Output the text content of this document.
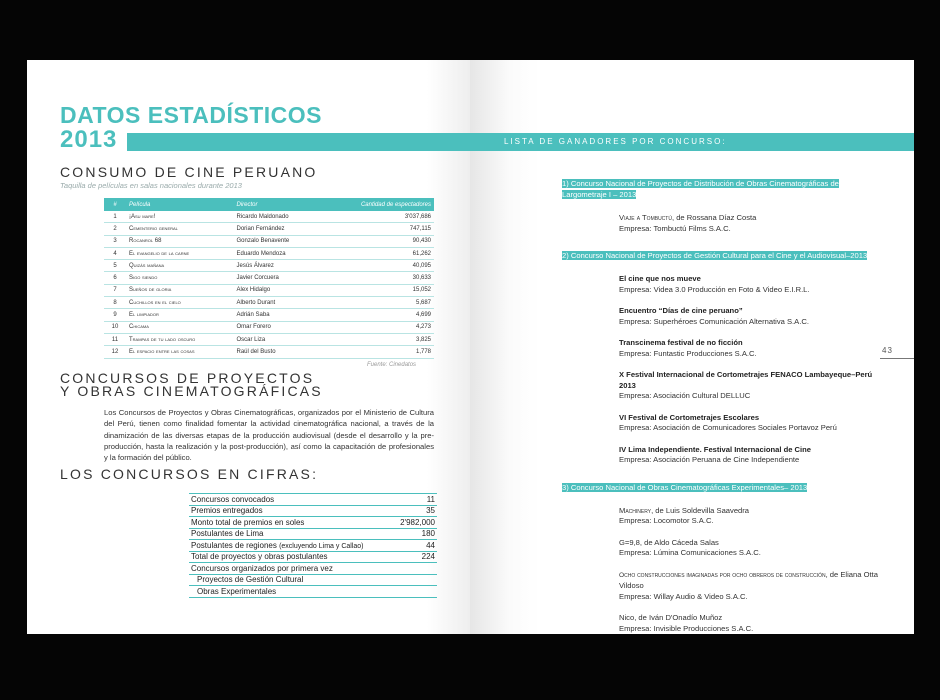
DATOS ESTADÍSTICOS
2013
CONSUMO DE CINE PERUANO
Taquilla de películas en salas nacionales durante 2013
#	Película	Director	Cantidad de espectadores
1	¡Asu mare!	Ricardo Maldonado	3'037,686
2	Cementerio general	Dorian Fernández	747,115
3	Rocanrol 68	Gonzalo Benavente	90,430
4	El evangelio de la carne	Eduardo Mendoza	61,262
5	Quizás mañana	Jesús Álvarez	40,095
6	Sigo siendo	Javier Corcuera	30,633
7	Sueños de gloria	Alex Hidalgo	15,052
8	Cuchillos en el cielo	Alberto Durant	5,687
9	El limpiador	Adrián Saba	4,699
10	Chicama	Omar Forero	4,273
11	Trampas de tu lado oscuro	Oscar Liza	3,825
12	El espacio entre las cosas	Raúl del Busto	1,778
Fuente: Cinedatos
CONCURSOS DE PROYECTOS
Y OBRAS CINEMATOGRÁFICAS
Los Concursos de Proyectos y Obras Cinematográficas, organizados por el Ministerio de Cultura del Perú, tienen como finalidad fomentar la actividad cinematográfica nacional, a través de la dinamización de las diversas etapas de la producción audiovisual (desde el desarrollo y la pre-producción, hasta la realización y la post-producción), así como la capacitación de profesionales y la formación del público.
LOS CONCURSOS EN CIFRAS:
Concursos convocados	11
Premios entregados	35
Monto total de premios en soles	2'982,000
Postulantes de Lima	180
Postulantes de regiones (excluyendo Lima y Callao)	44
Total de proyectos y obras postulantes	224
Concursos organizados por primera vez	
Proyectos de Gestión Cultural	
Obras Experimentales	
LISTA DE GANADORES POR CONCURSO:
43
1) Concurso Nacional de Proyectos de Distribución de Obras Cinematográficas de Largometraje I – 2013
Viaje a Tombuctú, de Rossana Díaz Costa
Empresa: Tombuctú Films S.A.C.
2) Concurso Nacional de Proyectos de Gestión Cultural para el Cine y el Audiovisual–2013
El cine que nos mueve
Empresa: Videa 3.0 Producción en Foto & Video E.I.R.L.
Encuentro “Días de cine peruano”
Empresa: Superhéroes Comunicación Alternativa S.A.C.
Transcinema festival de no ficción
Empresa: Funtastic Producciones S.A.C.
X Festival Internacional de Cortometrajes FENACO Lambayeque–Perú 2013
Empresa: Asociación Cultural DELLUC
VI Festival de Cortometrajes Escolares
Empresa: Asociación de Comunicadores Sociales Portavoz Perú
IV Lima Independiente. Festival Internacional de Cine
Empresa: Asociación Peruana de Cine Independiente
3) Concurso Nacional de Obras Cinematográficas Experimentales– 2013
Machinery, de Luis Soldevilla Saavedra
Empresa: Locomotor S.A.C.
G=9,8, de Aldo Cáceda Salas
Empresa: Lúmina Comunicaciones S.A.C.
Ocho construcciones imaginadas por ocho obreros de construcción, de Eliana Otta Vildoso
Empresa: Willay Audio & Video S.A.C.
Nico, de Iván D'Onadío Muñoz
Empresa: Invisible Producciones S.A.C.
